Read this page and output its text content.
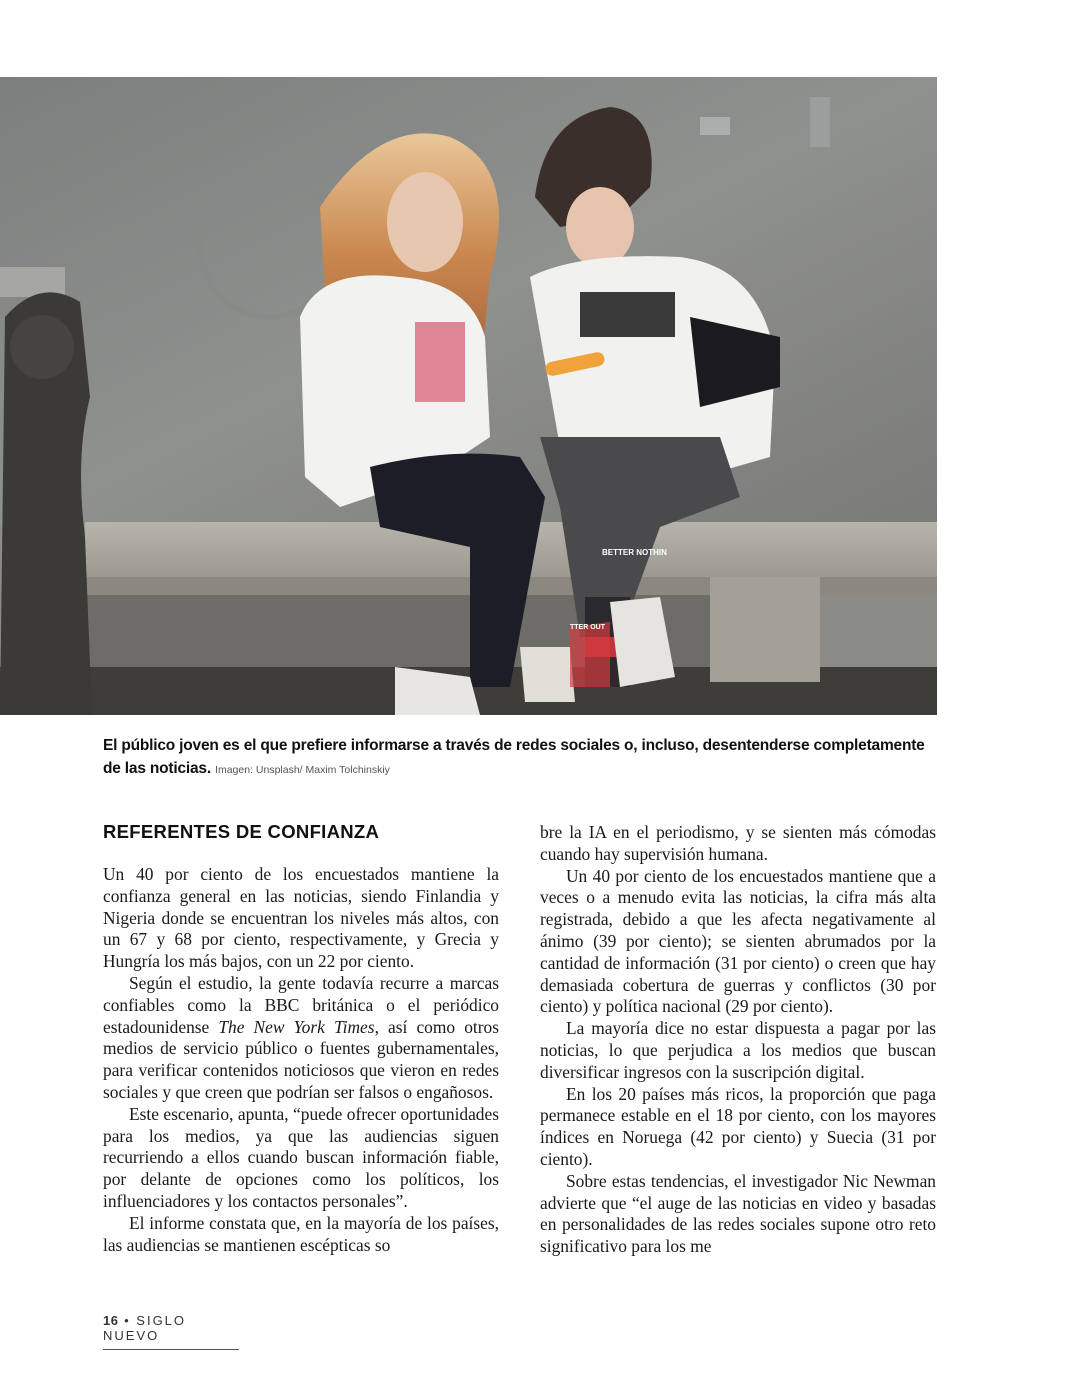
BETTER NOTHIN
TTER OUT
El público joven es el que prefiere informarse a través de redes sociales o, incluso, desentenderse completamente de las noticias. Imagen: Unsplash/ Maxim Tolchinskiy
REFERENTES DE CONFIANZA

Un 40 por ciento de los encuestados mantiene la confianza general en las noticias, siendo Finlandia y Nigeria donde se encuentran los niveles más altos, con un 67 y 68 por ciento, respectivamente, y Grecia y Hungría los más bajos, con un 22 por ciento.

Según el estudio, la gente todavía recurre a marcas confiables como la BBC británica o el periódico estadounidense The New York Times, así como otros medios de servicio público o fuentes gubernamentales, para verificar contenidos noticiosos que vieron en redes sociales y que creen que podrían ser falsos o engañosos.

Este escenario, apunta, “puede ofrecer oportunidades para los medios, ya que las audiencias siguen recurriendo a ellos cuando buscan información fiable, por delante de opciones como los políticos, los influenciadores y los contactos personales”.

El informe constata que, en la mayoría de los países, las audiencias se mantienen escépticas so

bre la IA en el periodismo, y se sienten más cómodas cuando hay supervisión humana.

Un 40 por ciento de los encuestados mantiene que a veces o a menudo evita las noticias, la cifra más alta registrada, debido a que les afecta negativamente al ánimo (39 por ciento); se sienten abrumados por la cantidad de información (31 por ciento) o creen que hay demasiada cobertura de guerras y conflictos (30 por ciento) y política nacional (29 por ciento).

La mayoría dice no estar dispuesta a pagar por las noticias, lo que perjudica a los medios que buscan diversificar ingresos con la suscripción digital.

En los 20 países más ricos, la proporción que paga permanece estable en el 18 por ciento, con los mayores índices en Noruega (42 por ciento) y Suecia (31 por ciento).

Sobre estas tendencias, el investigador Nic Newman advierte que “el auge de las noticias en video y basadas en personalidades de las redes sociales supone otro reto significativo para los me

16 • SIGLO NUEVO
